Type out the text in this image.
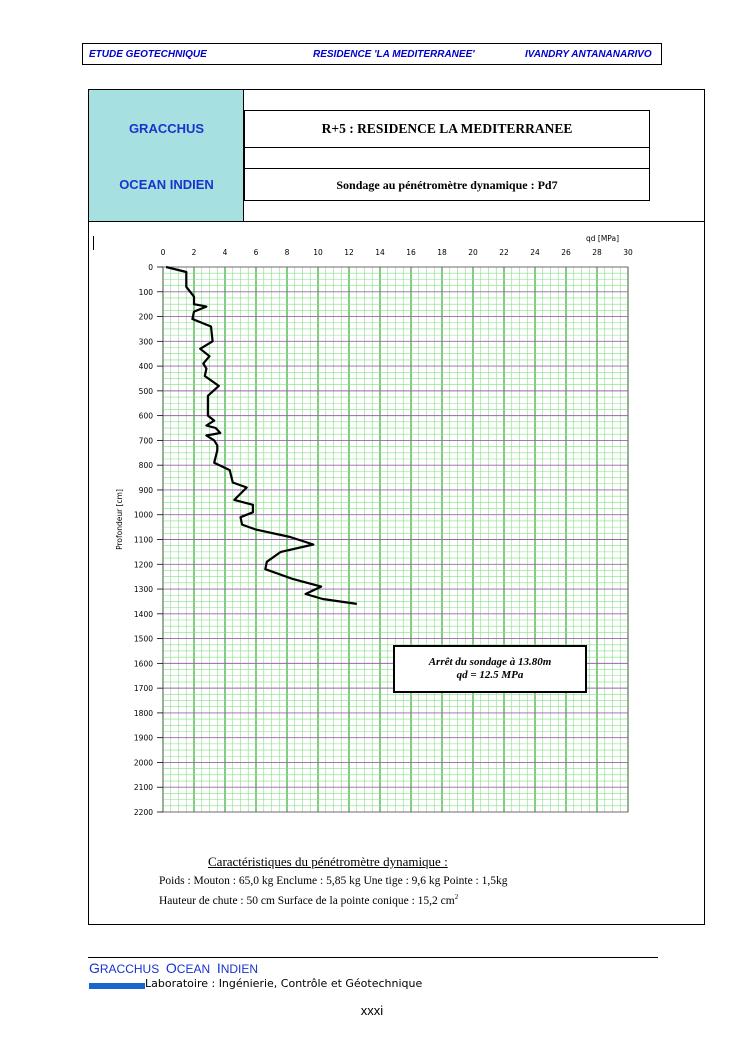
ETUDE GEOTECHNIQUE	RESIDENCE 'LA MEDITERRANEE'	IVANDRY ANTANANARIVO
GRACCHUS
OCEAN INDIEN
R+5 : RESIDENCE LA MEDITERRANEE
Sondage au pénétromètre dynamique : Pd7
0	2	4	6	8	10	12	14	16	18	20	22	24	26	28	30
0
100
200
300
400
500
600
700
800
900
1000
1100
1200
1300
1400
1500
1600
1700
1800
1900
2000
2100
2200
qd [MPa]
Profondeur [cm]
Arrêt du sondage à 13.80m
qd = 12.5 MPa
Caractéristiques du pénétromètre dynamique :
Poids : Mouton : 65,0 kg Enclume : 5,85 kg Une tige : 9,6 kg Pointe : 1,5kg
Hauteur de chute : 50 cm Surface de la pointe conique : 15,2 $cm^2$
GRACCHUS OCEAN INDIEN
Laboratoire : Ingénierie, Contrôle et Géotechnique
xxxi
